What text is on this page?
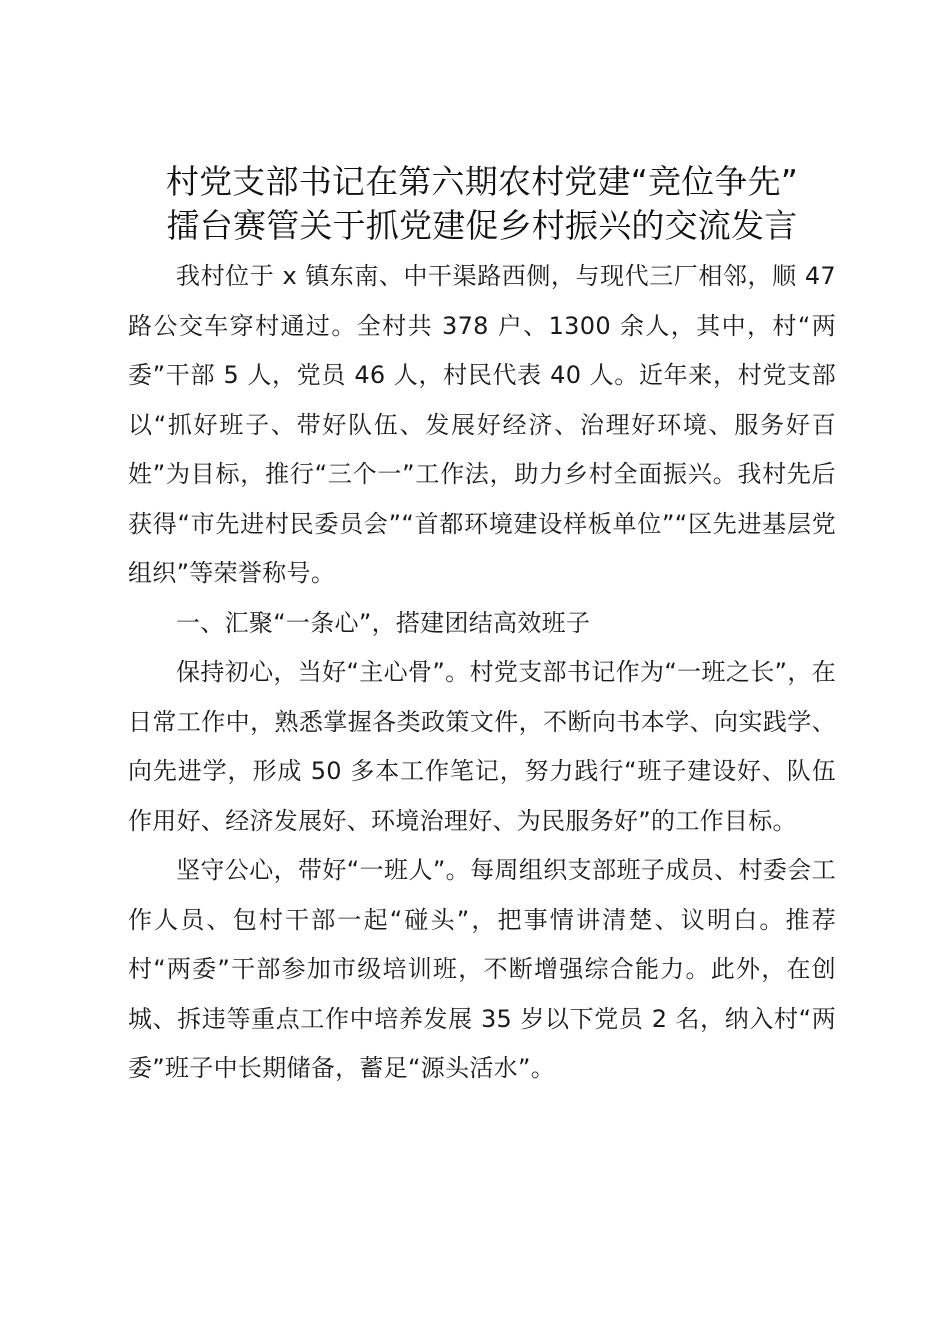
村党支部书记在第六期农村党建“竞位争先”
擂台赛管关于抓党建促乡村振兴的交流发言

我村位于 x 镇东南、中干渠路西侧，与现代三厂相邻，顺 47 路公交车穿村通过。全村共 378 户、1300 余人，其中，村“两委”干部 5 人，党员 46 人，村民代表 40 人。近年来，村党支部以“抓好班子、带好队伍、发展好经济、治理好环境、服务好百姓”为目标，推行“三个一”工作法，助力乡村全面振兴。我村先后获得“市先进村民委员会”“首都环境建设样板单位”“区先进基层党组织”等荣誉称号。

一、汇聚“一条心”，搭建团结高效班子

保持初心，当好“主心骨”。村党支部书记作为“一班之长”，在日常工作中，熟悉掌握各类政策文件，不断向书本学、向实践学、向先进学，形成 50 多本工作笔记，努力践行“班子建设好、队伍作用好、经济发展好、环境治理好、为民服务好”的工作目标。

坚守公心，带好“一班人”。每周组织支部班子成员、村委会工作人员、包村干部一起“碰头”，把事情讲清楚、议明白。推荐村“两委”干部参加市级培训班，不断增强综合能力。此外，在创城、拆违等重点工作中培养发展 35 岁以下党员 2 名，纳入村“两委”班子中长期储备，蓄足“源头活水”。
